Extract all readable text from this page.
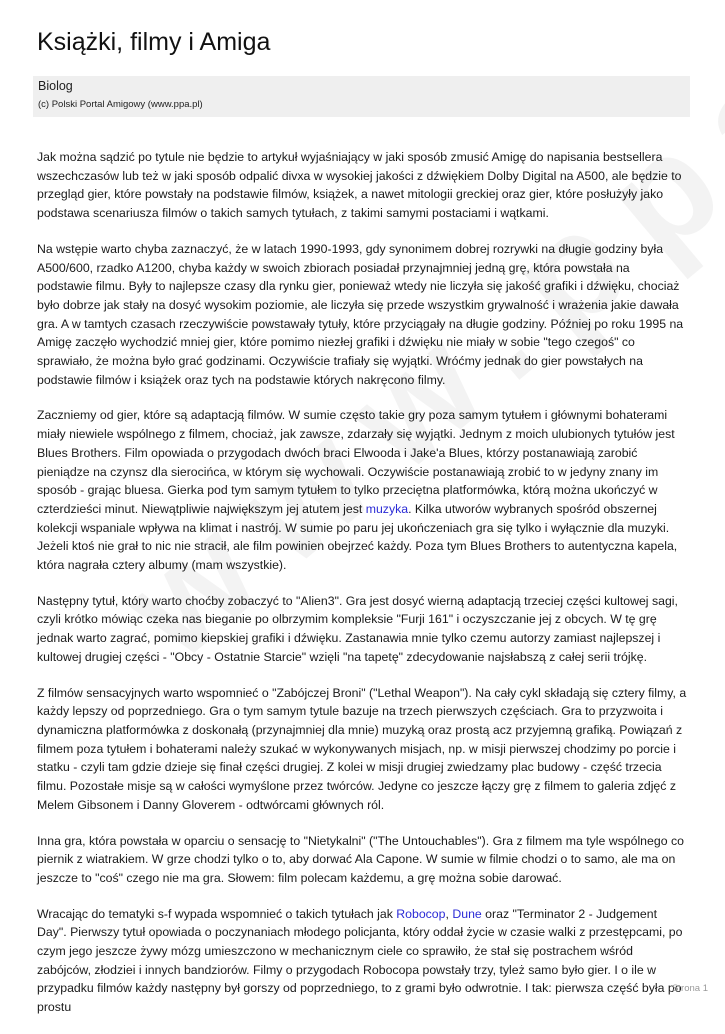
Książki, filmy i Amiga
Biolog
(c) Polski Portal Amigowy (www.ppa.pl)

Jak można sądzić po tytule nie będzie to artykuł wyjaśniający w jaki sposób zmusić Amigę do napisania bestsellera wszechczasów lub też w jaki sposób odpalić divxa w wysokiej jakości z dźwiękiem Dolby Digital na A500, ale będzie to przegląd gier, które powstały na podstawie filmów, książek, a nawet mitologii greckiej oraz gier, które posłużyły jako podstawa scenariusza filmów o takich samych tytułach, z takimi samymi postaciami i wątkami.

Na wstępie warto chyba zaznaczyć, że w latach 1990-1993, gdy synonimem dobrej rozrywki na długie godziny była A500/600, rzadko A1200, chyba każdy w swoich zbiorach posiadał przynajmniej jedną grę, która powstała na podstawie filmu. Były to najlepsze czasy dla rynku gier, ponieważ wtedy nie liczyła się jakość grafiki i dźwięku, chociaż było dobrze jak stały na dosyć wysokim poziomie, ale liczyła się przede wszystkim grywalność i wrażenia jakie dawała gra. A w tamtych czasach rzeczywiście powstawały tytuły, które przyciągały na długie godziny. Później po roku 1995 na Amigę zaczęło wychodzić mniej gier, które pomimo niezłej grafiki i dźwięku nie miały w sobie "tego czegoś" co sprawiało, że można było grać godzinami. Oczywiście trafiały się wyjątki. Wróćmy jednak do gier powstałych na podstawie filmów i książek oraz tych na podstawie których nakręcono filmy.

Zaczniemy od gier, które są adaptacją filmów. W sumie często takie gry poza samym tytułem i głównymi bohaterami miały niewiele wspólnego z filmem, chociaż, jak zawsze, zdarzały się wyjątki. Jednym z moich ulubionych tytułów jest Blues Brothers. Film opowiada o przygodach dwóch braci Elwooda i Jake'a Blues, którzy postanawiają zarobić pieniądze na czynsz dla sierocińca, w którym się wychowali. Oczywiście postanawiają zrobić to w jedyny znany im sposób - grając bluesa. Gierka pod tym samym tytułem to tylko przeciętna platformówka, którą można ukończyć w czterdzieści minut. Niewątpliwie największym jej atutem jest muzyka. Kilka utworów wybranych spośród obszernej kolekcji wspaniale wpływa na klimat i nastrój. W sumie po paru jej ukończeniach gra się tylko i wyłącznie dla muzyki. Jeżeli ktoś nie grał to nic nie stracił, ale film powinien obejrzeć każdy. Poza tym Blues Brothers to autentyczna kapela, która nagrała cztery albumy (mam wszystkie).

Następny tytuł, który warto choćby zobaczyć to "Alien3". Gra jest dosyć wierną adaptacją trzeciej części kultowej sagi, czyli krótko mówiąc czeka nas bieganie po olbrzymim kompleksie "Furji 161" i oczyszczanie jej z obcych. W tę grę jednak warto zagrać, pomimo kiepskiej grafiki i dźwięku. Zastanawia mnie tylko czemu autorzy zamiast najlepszej i kultowej drugiej części - "Obcy - Ostatnie Starcie" wzięli "na tapetę" zdecydowanie najsłabszą z całej serii trójkę.

Z filmów sensacyjnych warto wspomnieć o "Zabójczej Broni" ("Lethal Weapon"). Na cały cykl składają się cztery filmy, a każdy lepszy od poprzedniego. Gra o tym samym tytule bazuje na trzech pierwszych częściach. Gra to przyzwoita i dynamiczna platformówka z doskonałą (przynajmniej dla mnie) muzyką oraz prostą acz przyjemną grafiką. Powiązań z filmem poza tytułem i bohaterami należy szukać w wykonywanych misjach, np. w misji pierwszej chodzimy po porcie i statku - czyli tam gdzie dzieje się finał części drugiej. Z kolei w misji drugiej zwiedzamy plac budowy - część trzecia filmu. Pozostałe misje są w całości wymyślone przez twórców. Jedyne co jeszcze łączy grę z filmem to galeria zdjęć z Melem Gibsonem i Danny Gloverem - odtwórcami głównych ról.

Inna gra, która powstała w oparciu o sensację to "Nietykalni" ("The Untouchables"). Gra z filmem ma tyle wspólnego co piernik z wiatrakiem. W grze chodzi tylko o to, aby dorwać Ala Capone. W sumie w filmie chodzi o to samo, ale ma on jeszcze to "coś" czego nie ma gra. Słowem: film polecam każdemu, a grę można sobie darować.

Wracając do tematyki s-f wypada wspomnieć o takich tytułach jak Robocop, Dune oraz "Terminator 2 - Judgement Day". Pierwszy tytuł opowiada o poczynaniach młodego policjanta, który oddał życie w czasie walki z przestępcami, po czym jego jeszcze żywy mózg umieszczono w mechanicznym ciele co sprawiło, że stał się postrachem wśród zabójców, złodziei i innych bandziorów. Filmy o przygodach Robocopa powstały trzy, tyleż samo było gier. I o ile w przypadku filmów każdy następny był gorszy od poprzedniego, to z grami było odwrotnie. I tak: pierwsza część była po prostu

Strona 1
